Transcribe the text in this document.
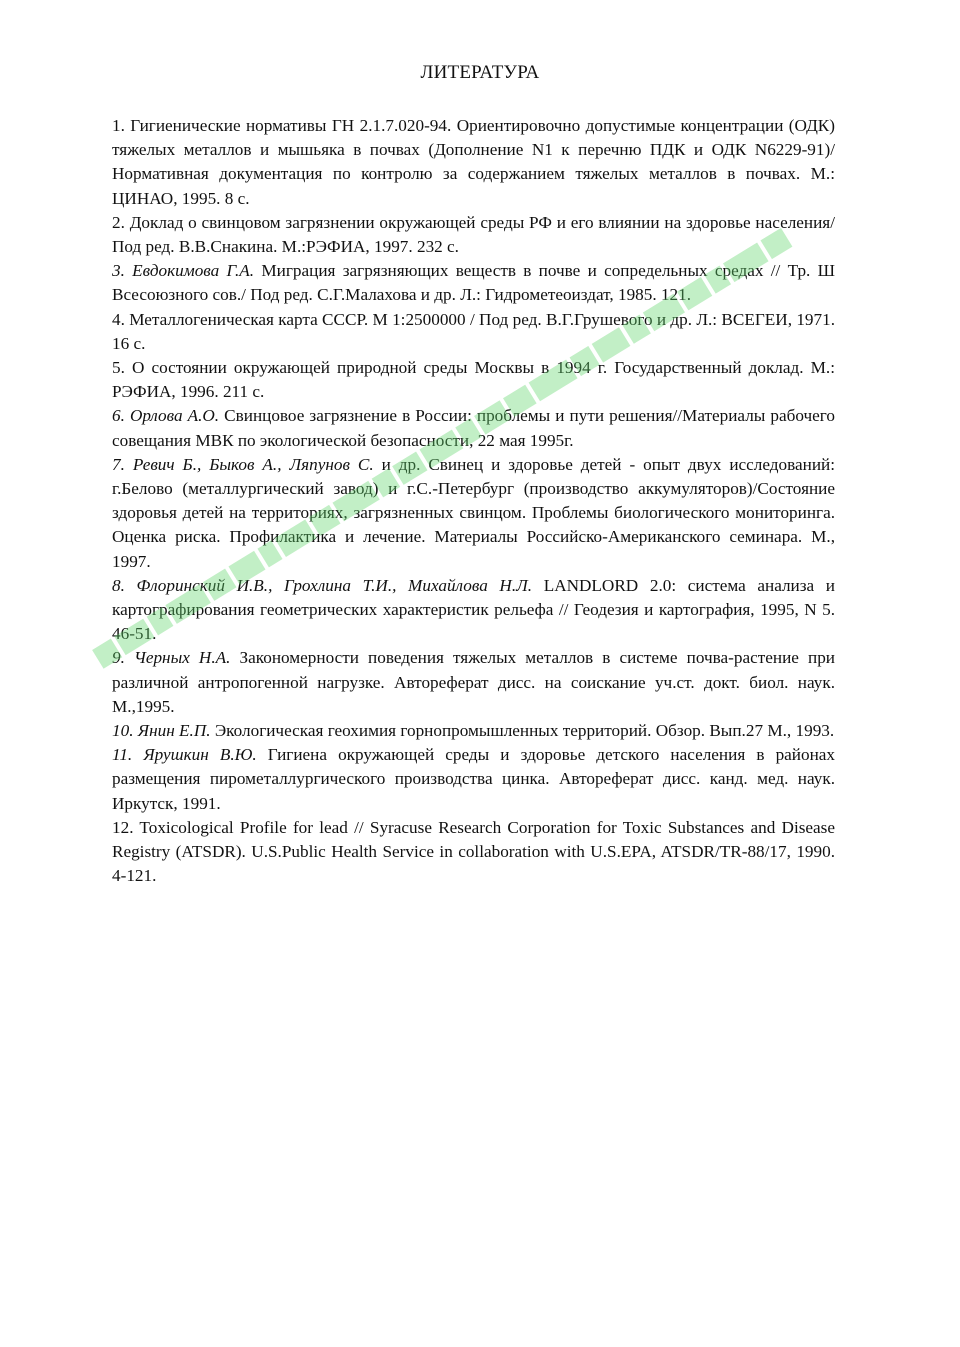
ЛИТЕРАТУРА

1. Гигиенические нормативы ГН 2.1.7.020-94. Ориентировочно допустимые концентрации (ОДК) тяжелых металлов и мышьяка в почвах (Дополнение N1 к перечню ПДК и ОДК N6229-91)/Нормативная документация по контролю за содержанием тяжелых металлов в почвах. М.: ЦИНАО, 1995. 8 с.

2. Доклад о свинцовом загрязнении окружающей среды РФ и его влиянии на здоровье населения/Под ред. В.В.Снакина. М.:РЭФИА, 1997. 232 с.

3. Евдокимова Г.А. Миграция загрязняющих веществ в почве и сопредельных средах // Тр. Ш Всесоюзного сов./ Под ред. С.Г.Малахова и др. Л.: Гидрометеоиздат, 1985. 121.

4. Металлогеническая карта СССР. М 1:2500000 / Под ред. В.Г.Грушевого и др. Л.: ВСЕГЕИ, 1971. 16 с.

5. О состоянии окружающей природной среды Москвы в 1994 г. Государственный доклад. М.: РЭФИА, 1996. 211 с.

6. Орлова А.О. Свинцовое загрязнение в России: проблемы и пути решения//Материалы рабочего совещания МВК по экологической безопасности, 22 мая 1995г.

7. Ревич Б., Быков А., Ляпунов С. и др. Свинец и здоровье детей - опыт двух исследований: г.Белово (металлургический завод) и г.С.-Петербург (производство аккумуляторов)/Состояние здоровья детей на территориях, загрязненных свинцом. Проблемы биологического мониторинга. Оценка риска. Профилактика и лечение. Материалы Российско-Американского семинара. М., 1997.

8. Флоринский И.В., Грохлина Т.И., Михайлова Н.Л. LANDLORD 2.0: система анализа и картографирования геометрических характеристик рельефа // Геодезия и картография, 1995, N 5. 46-51.

9. Черных Н.А. Закономерности поведения тяжелых металлов в системе почва-растение при различной антропогенной нагрузке. Автореферат дисс. на соискание уч.ст. докт. биол. наук. М.,1995.

10. Янин Е.П. Экологическая геохимия горнопромышленных территорий. Обзор. Вып.27 М., 1993.

11. Ярушкин В.Ю. Гигиена окружающей среды и здоровье детского населения в районах размещения пирометаллургического производства цинка. Автореферат дисс. канд. мед. наук. Иркутск, 1991.

12. Toxicological Profile for lead // Syracuse Research Corporation for Toxic Substances and Disease Registry (ATSDR). U.S.Public Health Service in collaboration with U.S.EPA, ATSDR/TR-88/17, 1990. 4-121.
